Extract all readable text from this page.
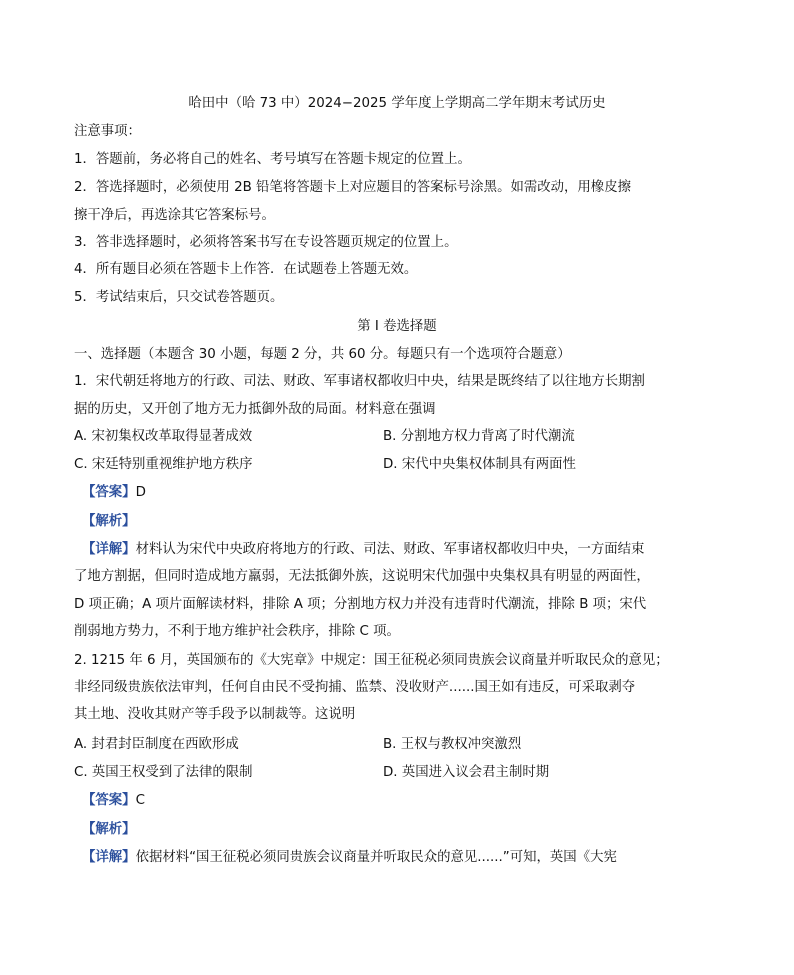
哈田中（哈 73 中）2024−2025 学年度上学期高二学年期末考试历史
注意事项：
1．答题前，务必将自己的姓名、考号填写在答题卡规定的位置上。
2．答选择题时，必须使用 2B 铅笔将答题卡上对应题目的答案标号涂黑。如需改动，用橡皮擦
擦干净后，再选涂其它答案标号。
3．答非选择题时，必须将答案书写在专设答题页规定的位置上。
4．所有题目必须在答题卡上作答．在试题卷上答题无效。
5．考试结束后，只交试卷答题页。
第 I 卷选择题
一、选择题（本题含 30 小题，每题 2 分，共 60 分。每题只有一个选项符合题意）
1．宋代朝廷将地方的行政、司法、财政、军事诸权都收归中央，结果是既终结了以往地方长期割
据的历史，又开创了地方无力抵御外敌的局面。材料意在强调
A. 宋初集权改革取得显著成效	B. 分割地方权力背离了时代潮流
C. 宋廷特别重视维护地方秩序	D. 宋代中央集权体制具有两面性
【答案】D
【解析】
【详解】材料认为宋代中央政府将地方的行政、司法、财政、军事诸权都收归中央，一方面结束
了地方割据，但同时造成地方羸弱，无法抵御外族，这说明宋代加强中央集权具有明显的两面性，
D 项正确；A 项片面解读材料，排除 A 项；分割地方权力并没有违背时代潮流，排除 B 项；宋代
削弱地方势力，不利于地方维护社会秩序，排除 C 项。
2. 1215 年 6 月，英国颁布的《大宪章》中规定：国王征税必须同贵族会议商量并听取民众的意见；
非经同级贵族依法审判，任何自由民不受拘捕、监禁、没收财产......国王如有违反，可采取剥夺
其土地、没收其财产等手段予以制裁等。这说明
A. 封君封臣制度在西欧形成	B. 王权与教权冲突激烈
C. 英国王权受到了法律的限制	D. 英国进入议会君主制时期
【答案】C
【解析】
【详解】依据材料“国王征税必须同贵族会议商量并听取民众的意见......”可知，英国《大宪
